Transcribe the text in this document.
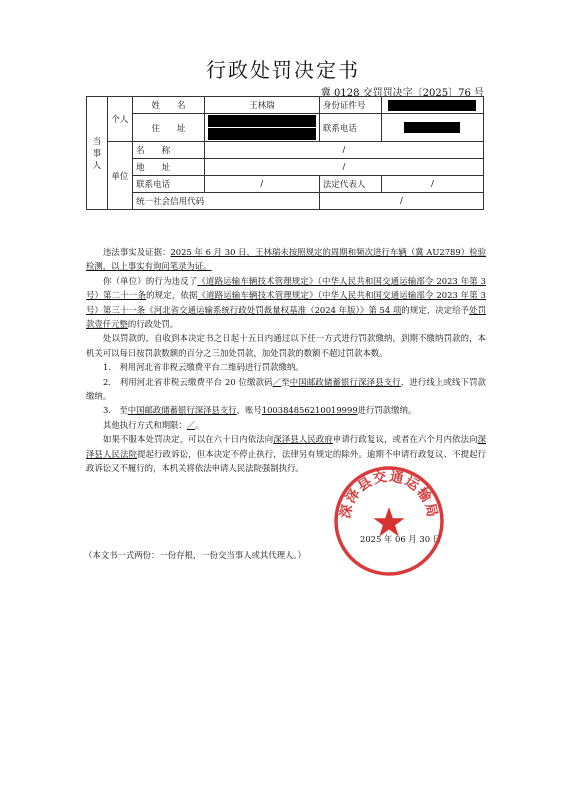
行政处罚决定书
冀 0128 交罚罚决字〔2025〕76 号
当事人	个人	姓　　名	王林瑞	身份证件号	
		住　　址		联系电话	

	单位	名　　称	/		
		地　　址	/		
		联系电话	/	法定代表人	/
		统一社会信用代码		/	

违法事实及证据：2025 年 6 月 30 日，王林瑞未按照规定的周期和频次进行车辆（冀 AU2789）检验检测，以上事实有询问笔录为证。

你（单位）的行为违反了《道路运输车辆技术管理规定》（中华人民共和国交通运输部令 2023 年第 3 号）第二十一条的规定，依据《道路运输车辆技术管理规定》（中华人民共和国交通运输部令 2023 年第 3 号）第三十一条《河北省交通运输系统行政处罚裁量权基准（2024 年版）》第 54 项的规定，决定给予处罚款壹仟元整的行政处罚。

处以罚款的，自收到本决定书之日起十五日内通过以下任一方式进行罚款缴纳，到期不缴纳罚款的，本机关可以每日按罚款数额的百分之三加处罚款，加处罚款的数额不超过罚款本数。

1.　利用河北省非税云缴费平台二维码进行罚款缴纳。

2.　利用河北省非税云缴费平台 20 位缴款码／至中国邮政储蓄银行深泽县支行，进行线上或线下罚款缴纳。

3.　至中国邮政储蓄银行深泽县支行，账号100384856210019999进行罚款缴纳。

其他执行方式和期限：／。

如果不服本处罚决定，可以在六十日内依法向深泽县人民政府申请行政复议，或者在六个月内依法向深泽县人民法院提起行政诉讼，但本决定不停止执行，法律另有规定的除外。逾期不申请行政复议、不提起行政诉讼又不履行的，本机关将依法申请人民法院强制执行。

2025 年 06 月 30 日
深泽县交通运输局
（本文书一式两份：一份存根，一份交当事人或其代理人。）
